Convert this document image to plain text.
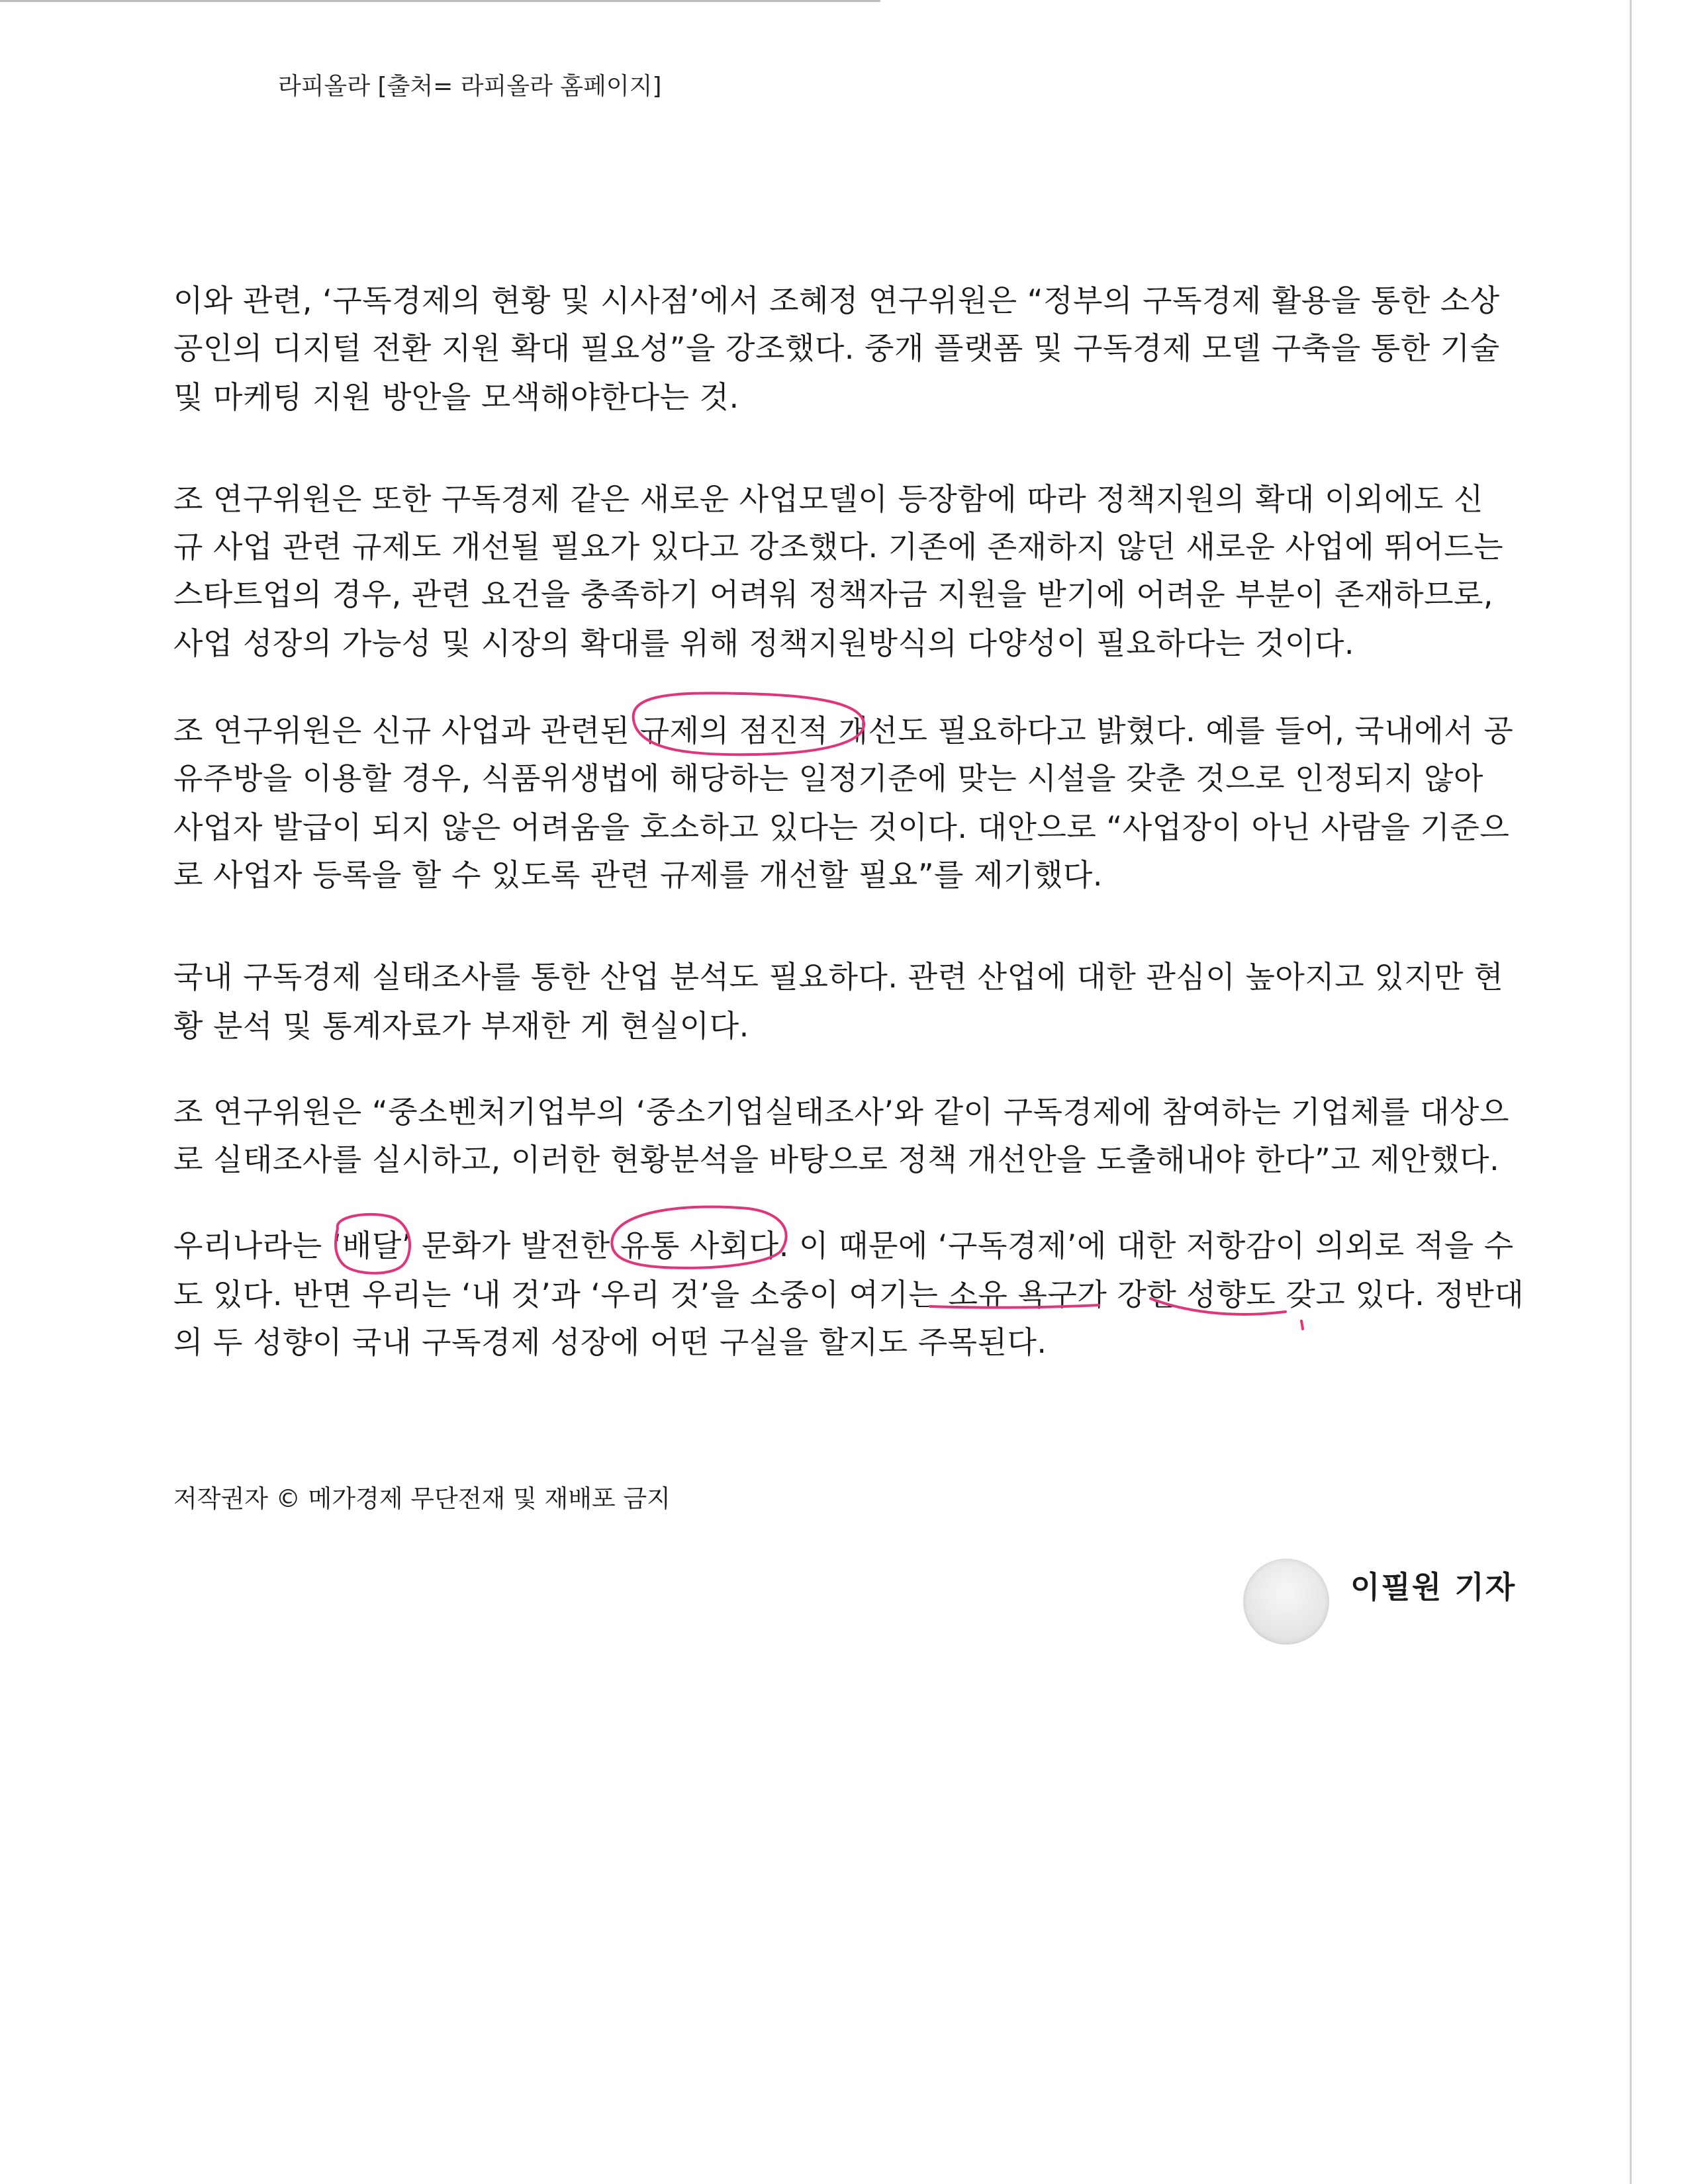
라피올라 [출처= 라피올라 홈페이지]
이와 관련, ‘구독경제의 현황 및 시사점’에서 조혜정 연구위원은 “정부의 구독경제 활용을 통한 소상
공인의 디지털 전환 지원 확대 필요성”을 강조했다. 중개 플랫폼 및 구독경제 모델 구축을 통한 기술
및 마케팅 지원 방안을 모색해야한다는 것.
조 연구위원은 또한 구독경제 같은 새로운 사업모델이 등장함에 따라 정책지원의 확대 이외에도 신
규 사업 관련 규제도 개선될 필요가 있다고 강조했다. 기존에 존재하지 않던 새로운 사업에 뛰어드는
스타트업의 경우, 관련 요건을 충족하기 어려워 정책자금 지원을 받기에 어려운 부분이 존재하므로,
사업 성장의 가능성 및 시장의 확대를 위해 정책지원방식의 다양성이 필요하다는 것이다.
조 연구위원은 신규 사업과 관련된 규제의 점진적 개선도 필요하다고 밝혔다. 예를 들어, 국내에서 공
유주방을 이용할 경우, 식품위생법에 해당하는 일정기준에 맞는 시설을 갖춘 것으로 인정되지 않아
사업자 발급이 되지 않은 어려움을 호소하고 있다는 것이다. 대안으로 “사업장이 아닌 사람을 기준으
로 사업자 등록을 할 수 있도록 관련 규제를 개선할 필요”를 제기했다.
국내 구독경제 실태조사를 통한 산업 분석도 필요하다. 관련 산업에 대한 관심이 높아지고 있지만 현
황 분석 및 통계자료가 부재한 게 현실이다.
조 연구위원은 “중소벤처기업부의 ‘중소기업실태조사’와 같이 구독경제에 참여하는 기업체를 대상으
로 실태조사를 실시하고, 이러한 현황분석을 바탕으로 정책 개선안을 도출해내야 한다”고 제안했다.
우리나라는 ‘배달’ 문화가 발전한 유통 사회다. 이 때문에 ‘구독경제’에 대한 저항감이 의외로 적을 수
도 있다. 반면 우리는 ‘내 것’과 ‘우리 것’을 소중이 여기는 소유 욕구가 강한 성향도 갖고 있다. 정반대
의 두 성향이 국내 구독경제 성장에 어떤 구실을 할지도 주목된다.
저작권자 © 메가경제 무단전재 및 재배포 금지
이필원 기자
